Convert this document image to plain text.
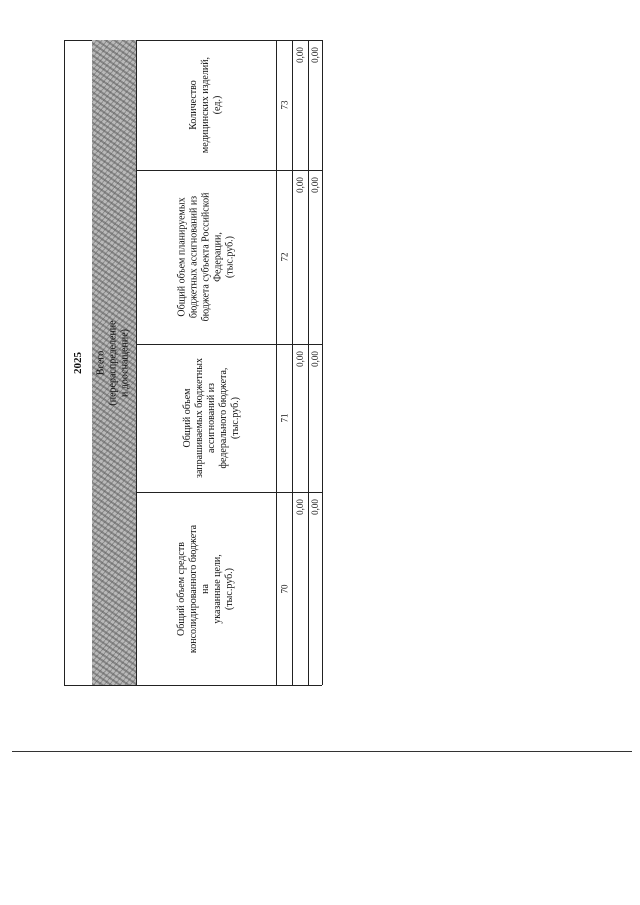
2025 Всего (перераспределение и дооснащение)
Общий объем средств
консолидированного бюджета на
указанные цели,
(тыс.руб.)

Общий объем
запрашиваемых бюджетных
ассигнований из
федерального бюджета,
(тыс.руб.)

Общий объем планируемых
бюджетных ассигнований из
бюджета субъекта Российской
Федерации,
(тыс.руб.)
Количество
медицинских изделий,
(ед.)
70
71
72
73
0,00
0,00
0,00
0,00
0,00
0,00
0,00
0,00
